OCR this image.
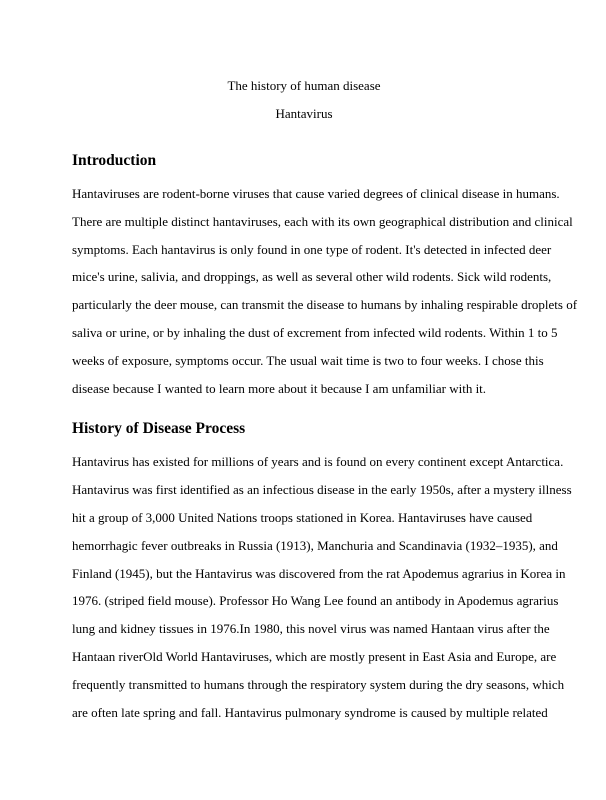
The history of human disease

Hantavirus

Introduction

Hantaviruses are rodent-borne viruses that cause varied degrees of clinical disease in humans.

There are multiple distinct hantaviruses, each with its own geographical distribution and clinical

symptoms. Each hantavirus is only found in one type of rodent. It's detected in infected deer

mice's urine, salivia, and droppings, as well as several other wild rodents. Sick wild rodents,

particularly the deer mouse, can transmit the disease to humans by inhaling respirable droplets of

saliva or urine, or by inhaling the dust of excrement from infected wild rodents. Within 1 to 5

weeks of exposure, symptoms occur. The usual wait time is two to four weeks. I chose this

disease because I wanted to learn more about it because I am unfamiliar with it.

History of Disease Process

Hantavirus has existed for millions of years and is found on every continent except Antarctica.

Hantavirus was first identified as an infectious disease in the early 1950s, after a mystery illness

hit a group of 3,000 United Nations troops stationed in Korea. Hantaviruses have caused

hemorrhagic fever outbreaks in Russia (1913), Manchuria and Scandinavia (1932–1935), and

Finland (1945), but the Hantavirus was discovered from the rat Apodemus agrarius in Korea in

1976. (striped field mouse). Professor Ho Wang Lee found an antibody in Apodemus agrarius

lung and kidney tissues in 1976.In 1980, this novel virus was named Hantaan virus after the

Hantaan riverOld World Hantaviruses, which are mostly present in East Asia and Europe, are

frequently transmitted to humans through the respiratory system during the dry seasons, which

are often late spring and fall. Hantavirus pulmonary syndrome is caused by multiple related
